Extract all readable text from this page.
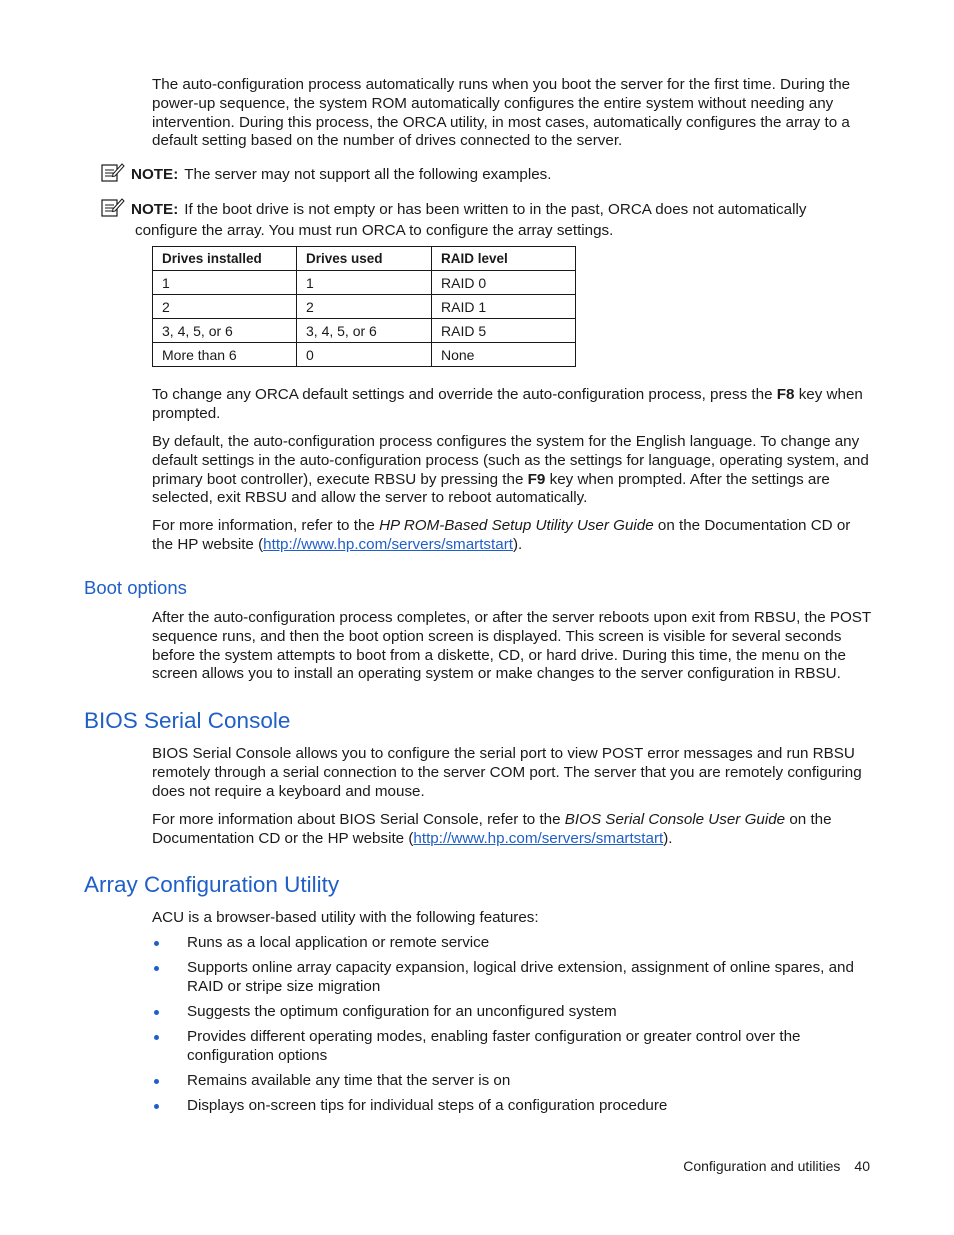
The auto-configuration process automatically runs when you boot the server for the first time. During the power-up sequence, the system ROM automatically configures the entire system without needing any intervention. During this process, the ORCA utility, in most cases, automatically configures the array to a default setting based on the number of drives connected to the server.

NOTE: The server may not support all the following examples.
NOTE: If the boot drive is not empty or has been written to in the past, ORCA does not automatically
configure the array. You must run ORCA to configure the array settings.
Drives installed	Drives used	RAID level
1	1	RAID 0
2	2	RAID 1
3, 4, 5, or 6	3, 4, 5, or 6	RAID 5
More than 6	0	None

To change any ORCA default settings and override the auto-configuration process, press the F8 key when prompted.

By default, the auto-configuration process configures the system for the English language. To change any default settings in the auto-configuration process (such as the settings for language, operating system, and primary boot controller), execute RBSU by pressing the F9 key when prompted. After the settings are selected, exit RBSU and allow the server to reboot automatically.

For more information, refer to the HP ROM-Based Setup Utility User Guide on the Documentation CD or the HP website (http://www.hp.com/servers/smartstart).

Boot options

After the auto-configuration process completes, or after the server reboots upon exit from RBSU, the POST sequence runs, and then the boot option screen is displayed. This screen is visible for several seconds before the system attempts to boot from a diskette, CD, or hard drive. During this time, the menu on the screen allows you to install an operating system or make changes to the server configuration in RBSU.

BIOS Serial Console

BIOS Serial Console allows you to configure the serial port to view POST error messages and run RBSU remotely through a serial connection to the server COM port. The server that you are remotely configuring does not require a keyboard and mouse.

For more information about BIOS Serial Console, refer to the BIOS Serial Console User Guide on the Documentation CD or the HP website (http://www.hp.com/servers/smartstart).

Array Configuration Utility

ACU is a browser-based utility with the following features:

Runs as a local application or remote service
Supports online array capacity expansion, logical drive extension, assignment of online spares, and RAID or stripe size migration
Suggests the optimum configuration for an unconfigured system
Provides different operating modes, enabling faster configuration or greater control over the configuration options
Remains available any time that the server is on
Displays on-screen tips for individual steps of a configuration procedure
Configuration and utilities 40
